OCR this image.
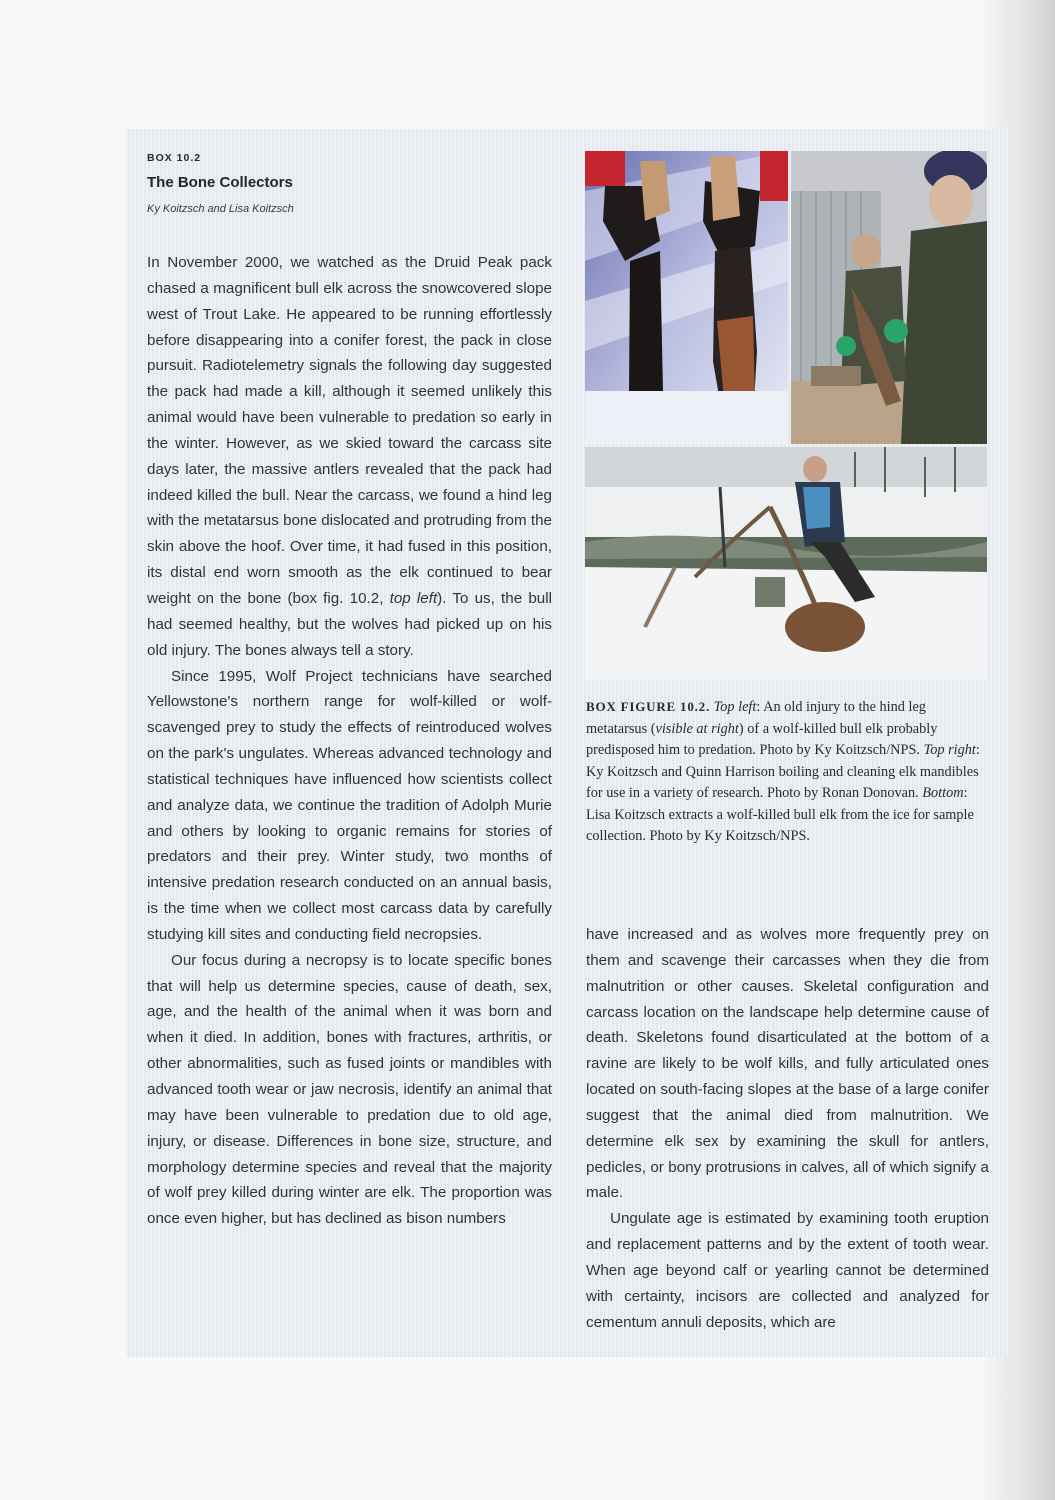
BOX 10.2
The Bone Collectors
Ky Koitzsch and Lisa Koitzsch

In November 2000, we watched as the Druid Peak pack chased a magnificent bull elk across the snowcovered slope west of Trout Lake. He appeared to be running effortlessly before disappearing into a conifer forest, the pack in close pursuit. Radiotelemetry signals the following day suggested the pack had made a kill, although it seemed unlikely this animal would have been vulnerable to predation so early in the winter. However, as we skied toward the carcass site days later, the massive antlers revealed that the pack had indeed killed the bull. Near the carcass, we found a hind leg with the metatarsus bone dislocated and protruding from the skin above the hoof. Over time, it had fused in this position, its distal end worn smooth as the elk continued to bear weight on the bone (box fig. 10.2, top left). To us, the bull had seemed healthy, but the wolves had picked up on his old injury. The bones always tell a story.

Since 1995, Wolf Project technicians have searched Yellowstone's northern range for wolf-killed or wolfscavenged prey to study the effects of reintroduced wolves on the park's ungulates. Whereas advanced technology and statistical techniques have influenced how scientists collect and analyze data, we continue the tradition of Adolph Murie and others by looking to organic remains for stories of predators and their prey. Winter study, two months of intensive predation research conducted on an annual basis, is the time when we collect most carcass data by carefully studying kill sites and conducting field necropsies.

Our focus during a necropsy is to locate specific bones that will help us determine species, cause of death, sex, age, and the health of the animal when it was born and when it died. In addition, bones with fractures, arthritis, or other abnormalities, such as fused joints or mandibles with advanced tooth wear or jaw necrosis, identify an animal that may have been vulnerable to predation due to old age, injury, or disease. Differences in bone size, structure, and morphology determine species and reveal that the majority of wolf prey killed during winter are elk. The proportion was once even higher, but has declined as bison numbers

BOX FIGURE 10.2. Top left: An old injury to the hind leg metatarsus (visible at right) of a wolf-killed bull elk probably predisposed him to predation. Photo by Ky Koitzsch/NPS. Top right: Ky Koitzsch and Quinn Harrison boiling and cleaning elk mandibles for use in a variety of research. Photo by Ronan Donovan. Bottom: Lisa Koitzsch extracts a wolf-killed bull elk from the ice for sample collection. Photo by Ky Koitzsch/NPS.

have increased and as wolves more frequently prey on them and scavenge their carcasses when they die from malnutrition or other causes. Skeletal configuration and carcass location on the landscape help determine cause of death. Skeletons found disarticulated at the bottom of a ravine are likely to be wolf kills, and fully articulated ones located on south-facing slopes at the base of a large conifer suggest that the animal died from malnutrition. We determine elk sex by examining the skull for antlers, pedicles, or bony protrusions in calves, all of which signify a male.

Ungulate age is estimated by examining tooth eruption and replacement patterns and by the extent of tooth wear. When age beyond calf or yearling cannot be determined with certainty, incisors are collected and analyzed for cementum annuli deposits, which are
